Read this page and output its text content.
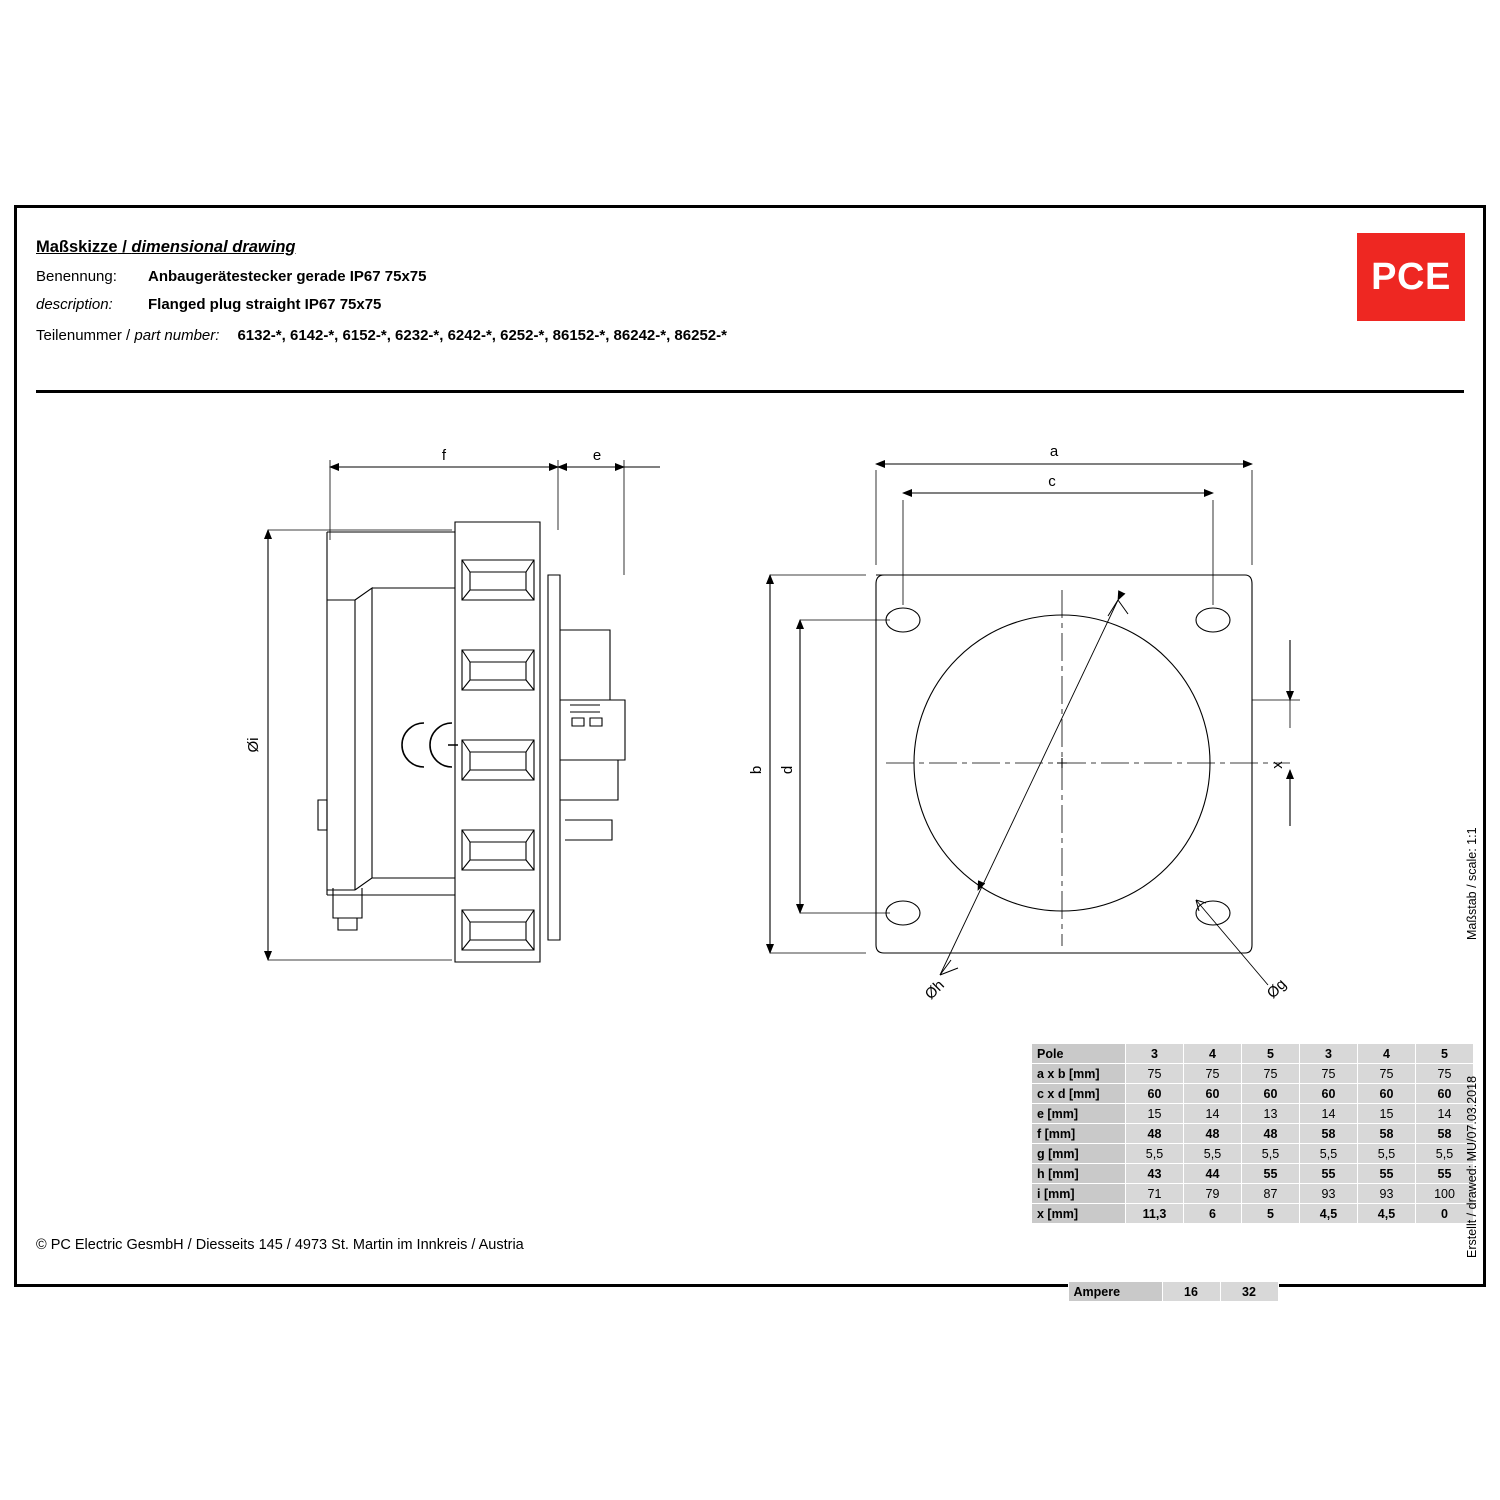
Maßskizze / dimensional drawing
Benennung:	Anbaugerätestecker gerade IP67 75x75
description:	Flanged plug straight IP67 75x75
Teilenummer / part number: 6132-*, 6142-*, 6152-*, 6232-*, 6242-*, 6252-*, 86152-*, 86242-*, 86252-*
PCE
f	e
Øi
a
c
b d
x
Øh	Øg
Ampere	16	32
Pole	3	4	5	3	4	5
a x b [mm]	75	75	75	75	75	75
c x d [mm]	60	60	60	60	60	60
e [mm]	15	14	13	14	15	14
f [mm]	48	48	48	58	58	58
g [mm]	5,5	5,5	5,5	5,5	5,5	5,5
h [mm]	43	44	55	55	55	55
i [mm]	71	79	87	93	93	100
x [mm]	11,3	6	5	4,5	4,5	0
Maßstab / scale: 1:1
Erstellt / drawed: MU/07.03.2018
© PC Electric GesmbH / Diesseits 145 / 4973 St. Martin im Innkreis / Austria
